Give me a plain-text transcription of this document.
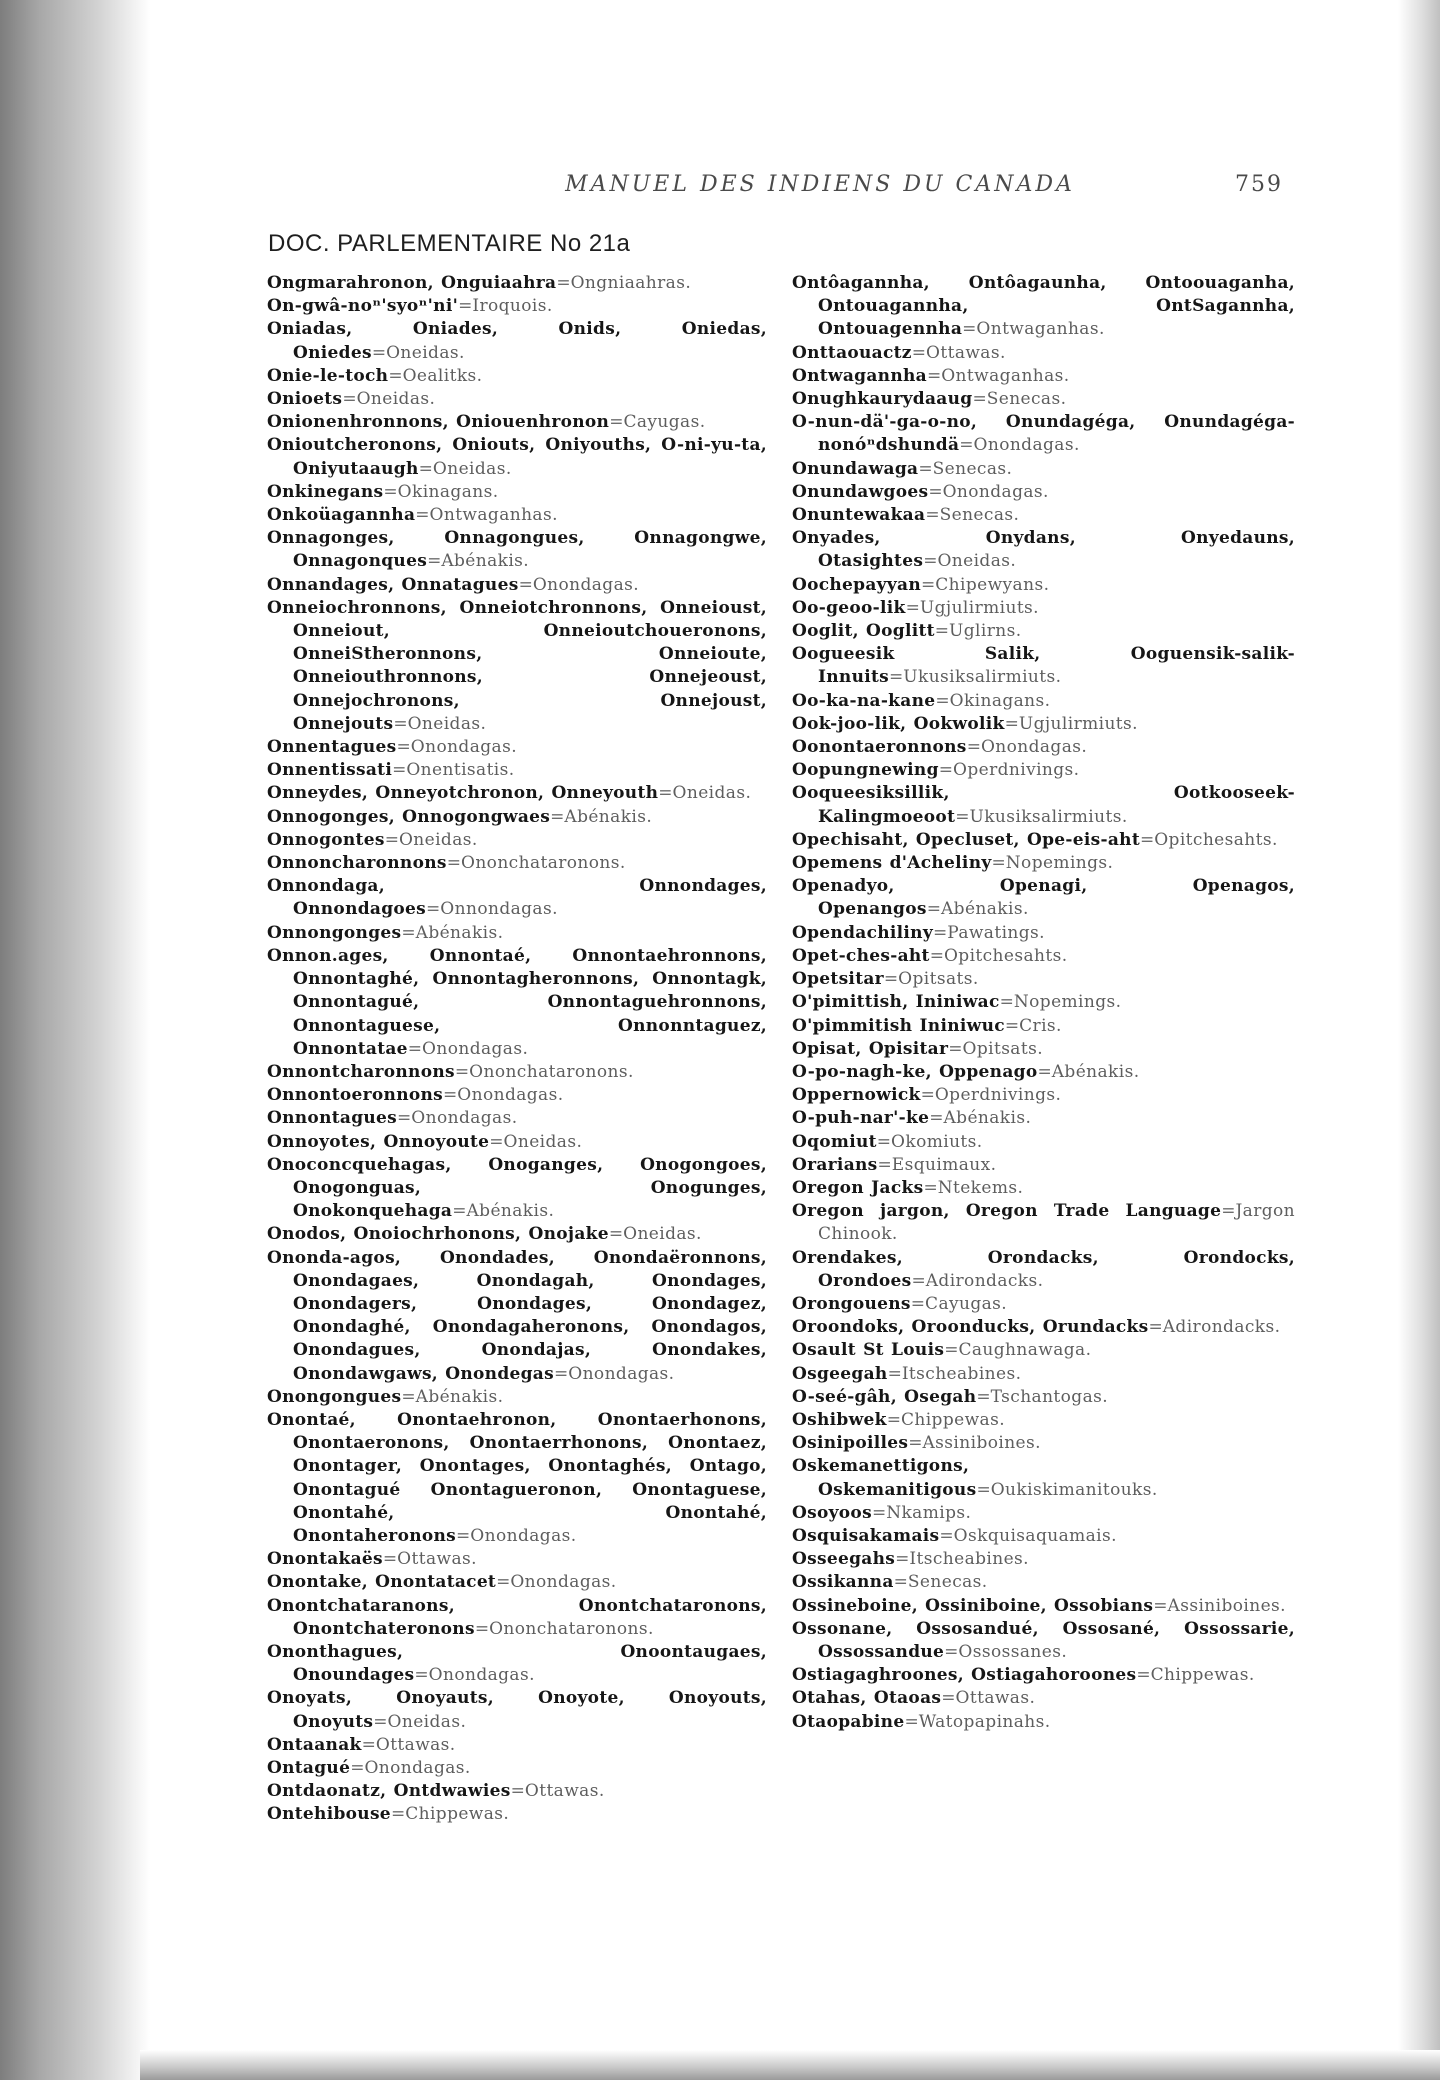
MANUEL DES INDIENS DU CANADA	759
DOC. PARLEMENTAIRE No 21a
Ongmarahronon, Onguiaahra=Ongniaahras.
On-gwâ-noⁿ'syoⁿ'ni'=Iroquois.
Oniadas, Oniades, Onids, Oniedas, Oniedes=Oneidas.
Onie-le-toch=Oealitks.
Onioets=Oneidas.
Onionenhronnons, Oniouenhronon=Cayugas.
Onioutcheronons, Oniouts, Oniyouths, O-ni-yu-ta, Oniyutaaugh=Oneidas.
Onkinegans=Okinagans.
Onkoüagannha=Ontwaganhas.
Onnagonges, Onnagongues, Onnagongwe, Onnagonques=Abénakis.
Onnandages, Onnatagues=Onondagas.
Onneiochronnons, Onneiotchronnons, Onneioust, Onneiout, Onneioutchoueronons, OnneiStheronnons, Onneioute, Onneiouthronnons, Onnejeoust, Onnejochronons, Onnejoust, Onnejouts=Oneidas.
Onnentagues=Onondagas.
Onnentissati=Onentisatis.
Onneydes, Onneyotchronon, Onneyouth=Oneidas.
Onnogonges, Onnogongwaes=Abénakis.
Onnogontes=Oneidas.
Onnoncharonnons=Ononchataronons.
Onnondaga, Onnondages, Onnondagoes=Onnondagas.
Onnongonges=Abénakis.
Onnon.ages, Onnontaé, Onnontaehronnons, Onnontaghé, Onnontagheronnons, Onnontagk, Onnontagué, Onnontaguehronnons, Onnontaguese, Onnonntaguez, Onnontatae=Onondagas.
Onnontcharonnons=Ononchataronons.
Onnontoeronnons=Onondagas.
Onnontagues=Onondagas.
Onnoyotes, Onnoyoute=Oneidas.
Onoconcquehagas, Onoganges, Onogongoes, Onogonguas, Onogunges, Onokonquehaga=Abénakis.
Onodos, Onoiochrhonons, Onojake=Oneidas.
Ononda-agos, Onondades, Onondaëronnons, Onondagaes, Onondagah, Onondages, Onondagers, Onondages, Onondagez, Onondaghé, Onondagaheronons, Onondagos, Onondagues, Onondajas, Onondakes, Onondawgaws, Onondegas=Onondagas.
Onongongues=Abénakis.
Onontaé, Onontaehronon, Onontaerhonons, Onontaeronons, Onontaerrhonons, Onontaez, Onontager, Onontages, Onontaghés, Ontago, Onontagué Onontagueronon, Onontaguese, Onontahé, Onontahé, Onontaheronons=Onondagas.
Onontakaës=Ottawas.
Onontake, Onontatacet=Onondagas.
Onontchataranons, Onontchataronons, Onontchateronons=Ononchataronons.
Ononthagues, Onoontaugaes, Onoundages=Onondagas.
Onoyats, Onoyauts, Onoyote, Onoyouts, Onoyuts=Oneidas.
Ontaanak=Ottawas.
Ontagué=Onondagas.
Ontdaonatz, Ontdwawies=Ottawas.
Ontehibouse=Chippewas.
Ontôagannha, Ontôagaunha, Ontoouaganha, Ontouagannha, OntSagannha, Ontouagennha=Ontwaganhas.
Onttaouactz=Ottawas.
Ontwagannha=Ontwaganhas.
Onughkaurydaaug=Senecas.
O-nun-dä'-ga-o-no, Onundagéga, Onundagéga-nonóⁿdshundä=Onondagas.
Onundawaga=Senecas.
Onundawgoes=Onondagas.
Onuntewakaa=Senecas.
Onyades, Onydans, Onyedauns, Otasightes=Oneidas.
Oochepayyan=Chipewyans.
Oo-geoo-lik=Ugjulirmiuts.
Ooglit, Ooglitt=Uglirns.
Oogueesik Salik, Ooguensik-salik-Innuits=Ukusiksalirmiuts.
Oo-ka-na-kane=Okinagans.
Ook-joo-lik, Ookwolik=Ugjulirmiuts.
Oonontaeronnons=Onondagas.
Oopungnewing=Operdnivings.
Ooqueesiksillik, Ootkooseek-Kalingmoeoot=Ukusiksalirmiuts.
Opechisaht, Opecluset, Ope-eis-aht=Opitchesahts.
Opemens d'Acheliny=Nopemings.
Openadyo, Openagi, Openagos, Openangos=Abénakis.
Opendachiliny=Pawatings.
Opet-ches-aht=Opitchesahts.
Opetsitar=Opitsats.
O'pimittish, Ininiwac=Nopemings.
O'pimmitish Ininiwuc=Cris.
Opisat, Opisitar=Opitsats.
O-po-nagh-ke, Oppenago=Abénakis.
Oppernowick=Operdnivings.
O-puh-nar'-ke=Abénakis.
Oqomiut=Okomiuts.
Orarians=Esquimaux.
Oregon Jacks=Ntekems.
Oregon jargon, Oregon Trade Language=Jargon Chinook.
Orendakes, Orondacks, Orondocks, Orondoes=Adirondacks.
Orongouens=Cayugas.
Oroondoks, Oroonducks, Orundacks=Adirondacks.
Osault St Louis=Caughnawaga.
Osgeegah=Itscheabines.
O-seé-gâh, Osegah=Tschantogas.
Oshibwek=Chippewas.
Osinipoilles=Assiniboines.
Oskemanettigons, Oskemanitigous=Oukiskimanitouks.
Osoyoos=Nkamips.
Osquisakamais=Oskquisaquamais.
Osseegahs=Itscheabines.
Ossikanna=Senecas.
Ossineboine, Ossiniboine, Ossobians=Assiniboines.
Ossonane, Ossosandué, Ossosané, Ossossarie, Ossossandue=Ossossanes.
Ostiagaghroones, Ostiagahoroones=Chippewas.
Otahas, Otaoas=Ottawas.
Otaopabine=Watopapinahs.
